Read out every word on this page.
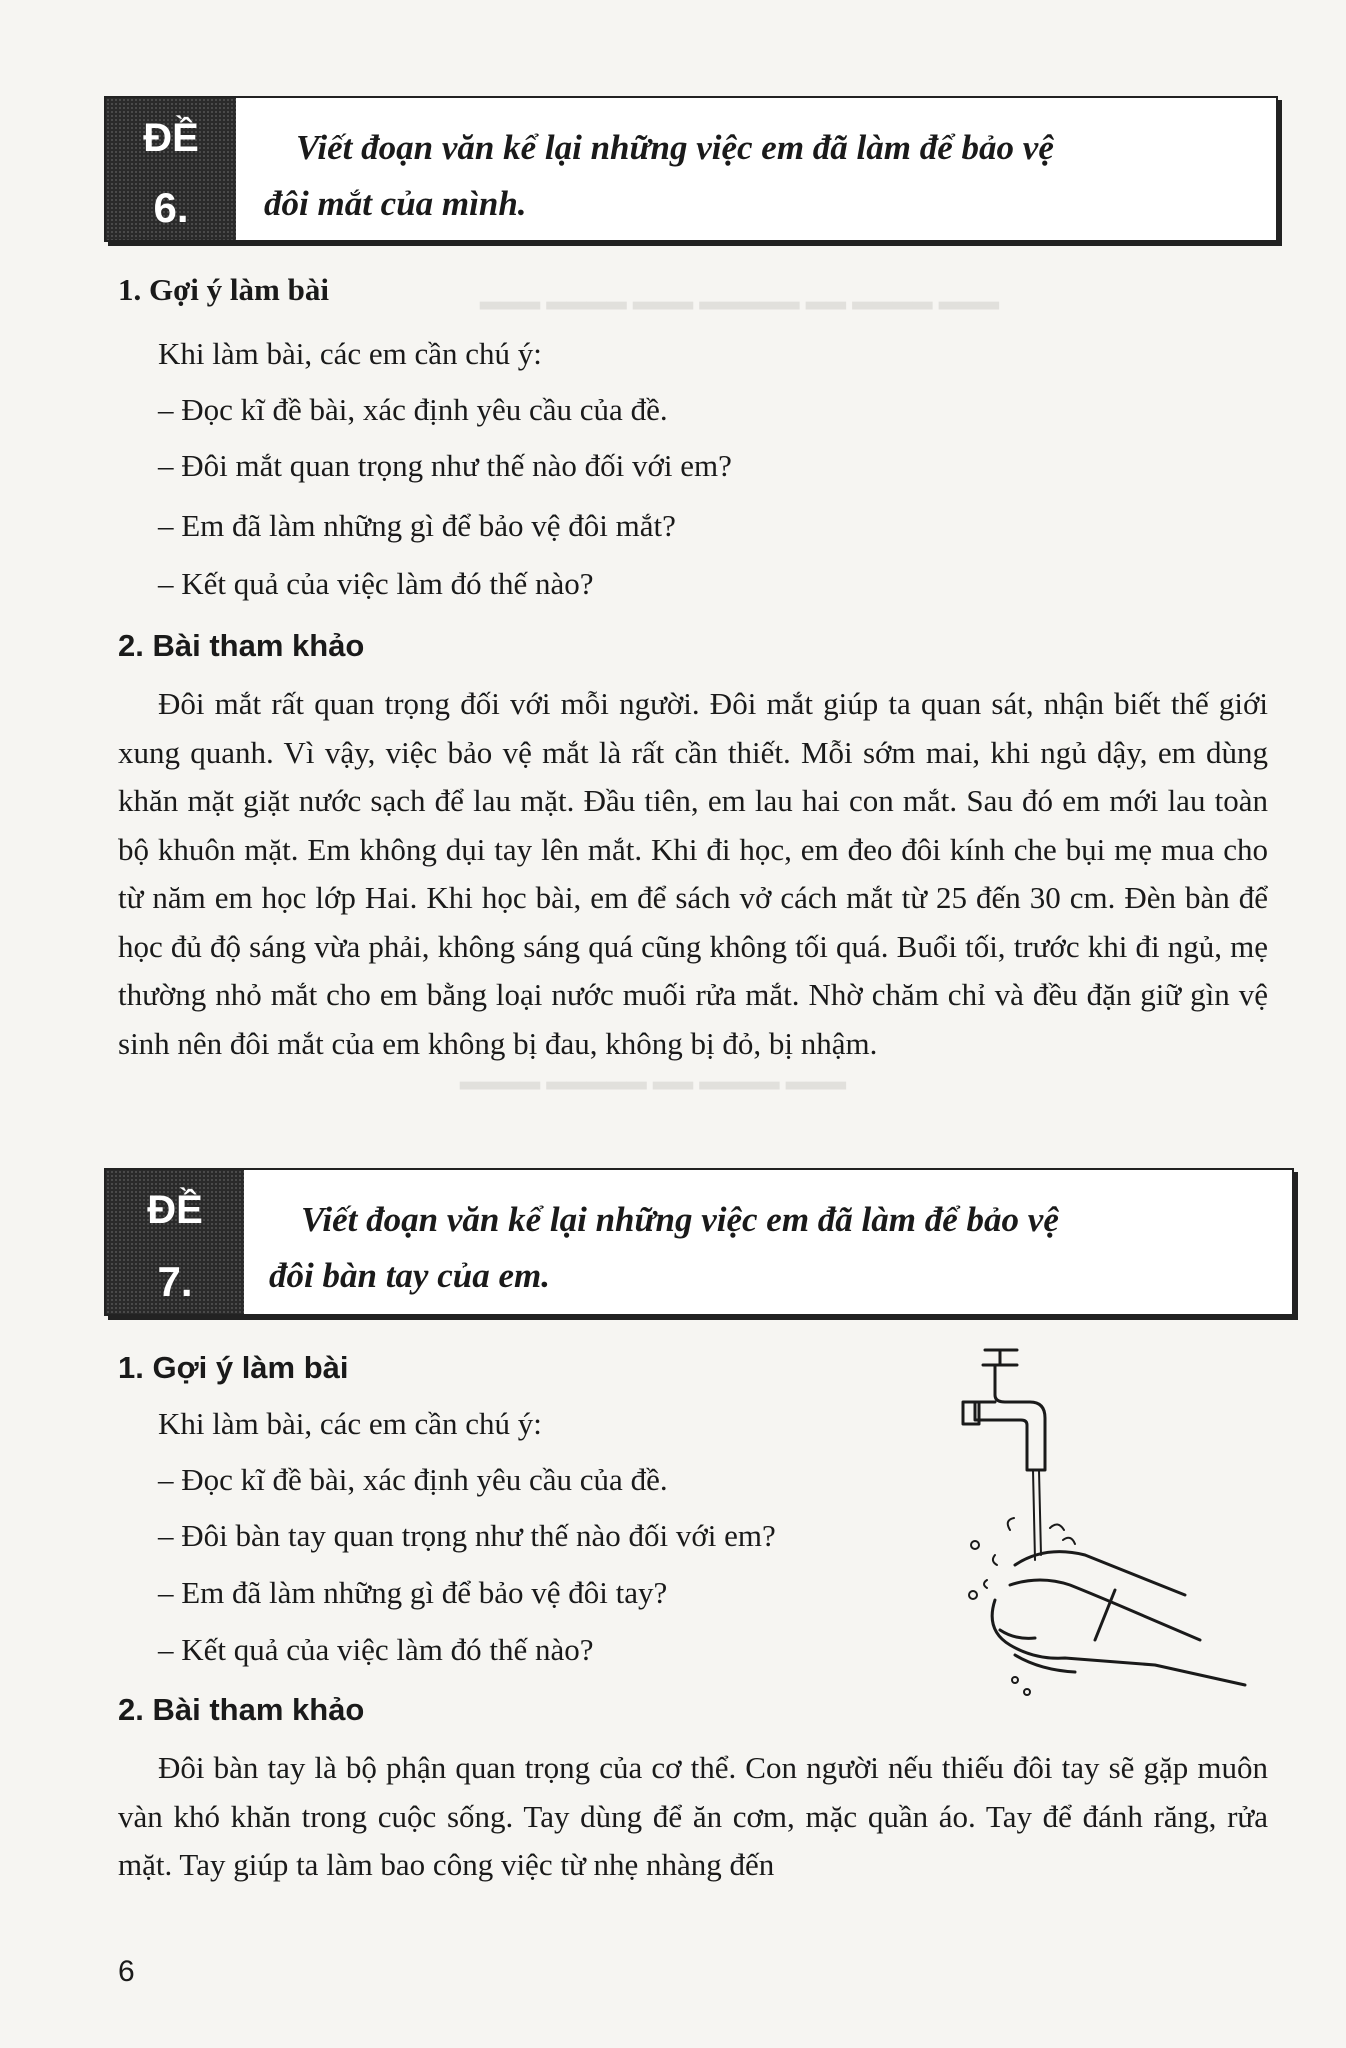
▂▂▂ ▂▂▂▂ ▂▂ ▂▂▂▂▂ ▂▂▂ ▂▂▂▂ ▂▂▂
▂▂▂ ▂▂▂▂ ▂▂ ▂▂▂▂▂ ▂▂▂▂
ĐỀ
6.
Viết đoạn văn kể lại những việc em đã làm để bảo vệ
đôi mắt của mình.
1. Gợi ý làm bài
Khi làm bài, các em cần chú ý:
– Đọc kĩ đề bài, xác định yêu cầu của đề.
– Đôi mắt quan trọng như thế nào đối với em?
– Em đã làm những gì để bảo vệ đôi mắt?
– Kết quả của việc làm đó thế nào?
2. Bài tham khảo

Đôi mắt rất quan trọng đối với mỗi người. Đôi mắt giúp ta quan sát, nhận biết thế giới xung quanh. Vì vậy, việc bảo vệ mắt là rất cần thiết. Mỗi sớm mai, khi ngủ dậy, em dùng khăn mặt giặt nước sạch để lau mặt. Đầu tiên, em lau hai con mắt. Sau đó em mới lau toàn bộ khuôn mặt. Em không dụi tay lên mắt. Khi đi học, em đeo đôi kính che bụi mẹ mua cho từ năm em học lớp Hai. Khi học bài, em để sách vở cách mắt từ 25 đến 30 cm. Đèn bàn để học đủ độ sáng vừa phải, không sáng quá cũng không tối quá. Buổi tối, trước khi đi ngủ, mẹ thường nhỏ mắt cho em bằng loại nước muối rửa mắt. Nhờ chăm chỉ và đều đặn giữ gìn vệ sinh nên đôi mắt của em không bị đau, không bị đỏ, bị nhậm.

ĐỀ
7.
Viết đoạn văn kể lại những việc em đã làm để bảo vệ
đôi bàn tay của em.
1. Gợi ý làm bài
Khi làm bài, các em cần chú ý:
– Đọc kĩ đề bài, xác định yêu cầu của đề.
– Đôi bàn tay quan trọng như thế nào đối với em?
– Em đã làm những gì để bảo vệ đôi tay?
– Kết quả của việc làm đó thế nào?
2. Bài tham khảo

Đôi bàn tay là bộ phận quan trọng của cơ thể. Con người nếu thiếu đôi tay sẽ gặp muôn vàn khó khăn trong cuộc sống. Tay dùng để ăn cơm, mặc quần áo. Tay để đánh răng, rửa mặt. Tay giúp ta làm bao công việc từ nhẹ nhàng đến

6
